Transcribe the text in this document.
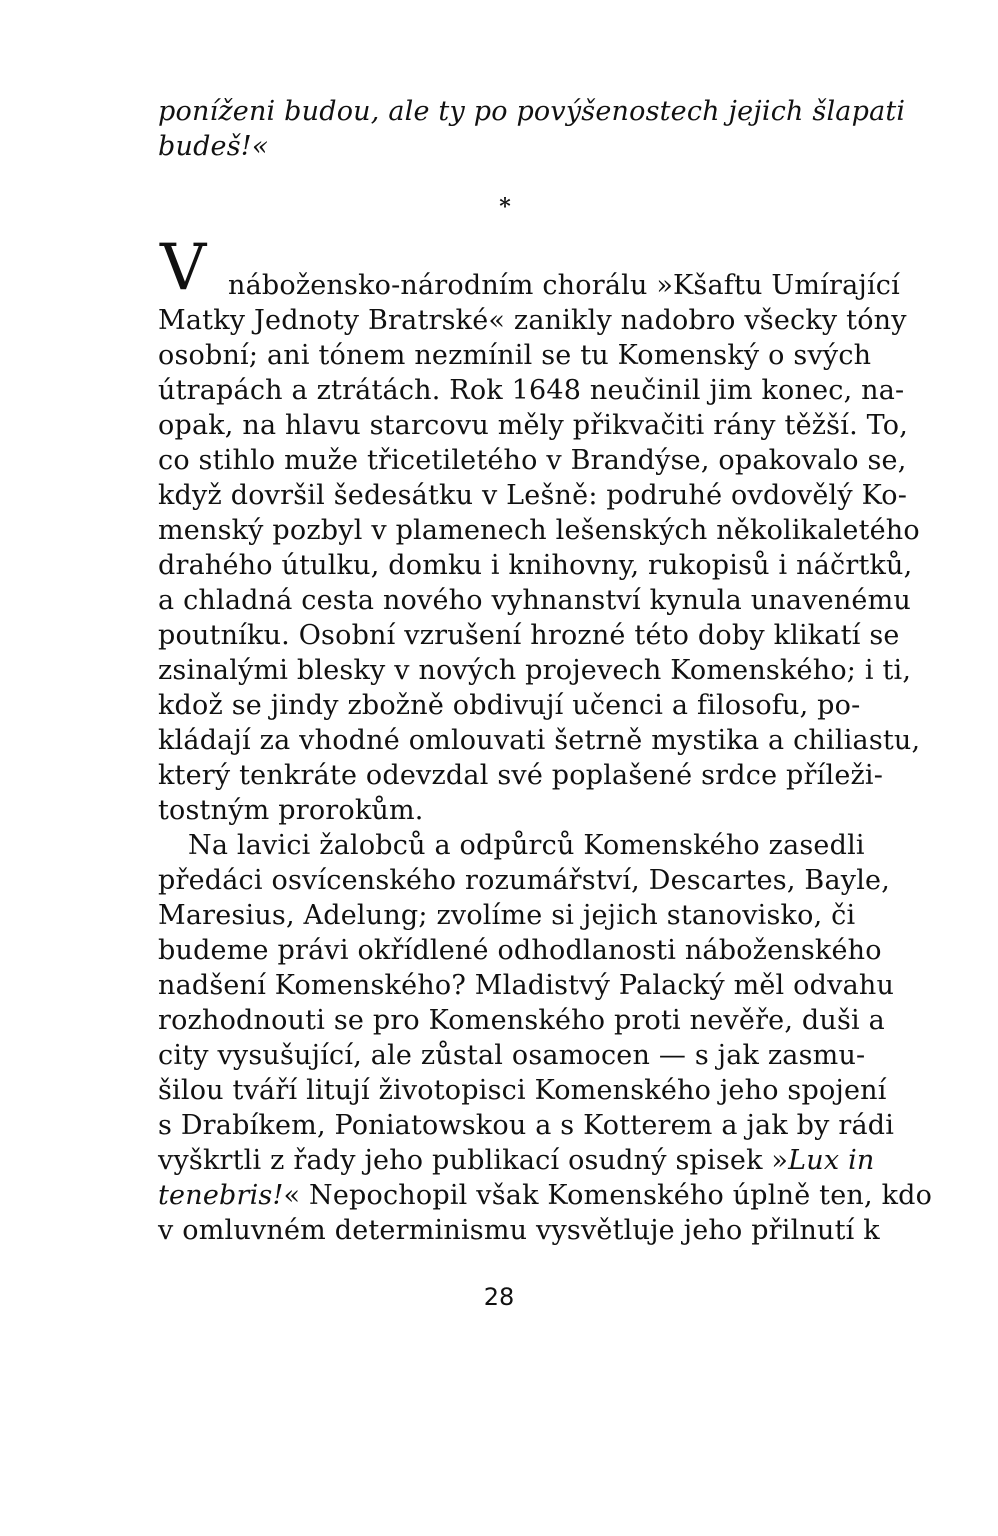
poníženi budou, ale ty po povýšenostech jejich šlapati
budeš!«
*
V nábožensko-národním chorálu »Kšaftu Umírající
Matky Jednoty Bratrské« zanikly nadobro všecky tóny
osobní; ani tónem nezmínil se tu Komenský o svých
útrapách a ztrátách. Rok 1648 neučinil jim konec, na-
opak, na hlavu starcovu měly přikvačiti rány těžší. To,
co stihlo muže třicetiletého v Brandýse, opakovalo se,
když dovršil šedesátku v Lešně: podruhé ovdovělý Ko-
menský pozbyl v plamenech lešenských několikaletého
drahého útulku, domku i knihovny, rukopisů i náčrtků,
a chladná cesta nového vyhnanství kynula unavenému
poutníku. Osobní vzrušení hrozné této doby klikatí se
zsinalými blesky v nových projevech Komenského; i ti,
kdož se jindy zbožně obdivují učenci a filosofu, po-
kládají za vhodné omlouvati šetrně mystika a chiliastu,
který tenkráte odevzdal své poplašené srdce příleži-
tostným prorokům.
Na lavici žalobců a odpůrců Komenského zasedli
předáci osvícenského rozumářství, Descartes, Bayle,
Maresius, Adelung; zvolíme si jejich stanovisko, či
budeme právi okřídlené odhodlanosti náboženského
nadšení Komenského? Mladistvý Palacký měl odvahu
rozhodnouti se pro Komenského proti nevěře, duši a
city vysušující, ale zůstal osamocen — s jak zasmu-
šilou tváří litují životopisci Komenského jeho spojení
s Drabíkem, Poniatowskou a s Kotterem a jak by rádi
vyškrtli z řady jeho publikací osudný spisek »Lux in
tenebris!« Nepochopil však Komenského úplně ten, kdo
v omluvném determinismu vysvětluje jeho přilnutí k
28
